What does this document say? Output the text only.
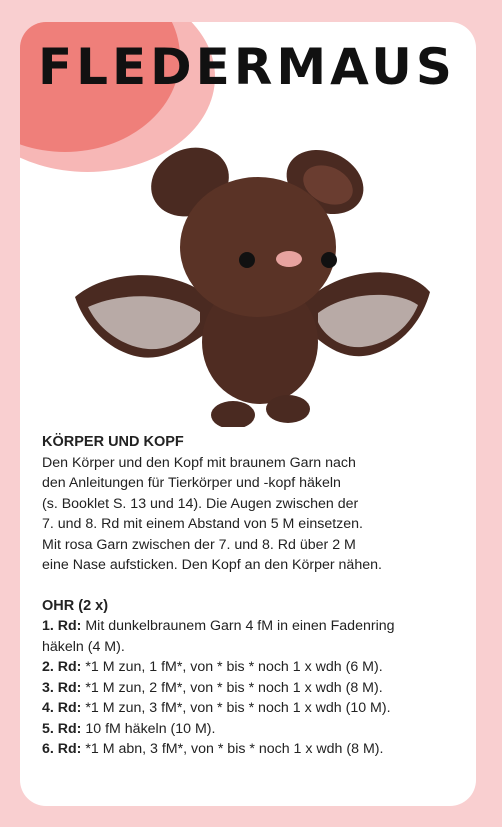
FLEDERMAUS
KÖRPER UND KOPF

Den Körper und den Kopf mit braunem Garn nach

den Anleitungen für Tierkörper und -kopf häkeln

(s. Booklet S. 13 und 14). Die Augen zwischen der

7. und 8. Rd mit einem Abstand von 5 M einsetzen.

Mit rosa Garn zwischen der 7. und 8. Rd über 2 M

eine Nase aufsticken. Den Kopf an den Körper nähen.

OHR (2 x)

1. Rd: Mit dunkelbraunem Garn 4 fM in einen Fadenring

häkeln (4 M).

2. Rd: *1 M zun, 1 fM*, von * bis * noch 1 x wdh (6 M).

3. Rd: *1 M zun, 2 fM*, von * bis * noch 1 x wdh (8 M).

4. Rd: *1 M zun, 3 fM*, von * bis * noch 1 x wdh (10 M).

5. Rd: 10 fM häkeln (10 M).

6. Rd: *1 M abn, 3 fM*, von * bis * noch 1 x wdh (8 M).
